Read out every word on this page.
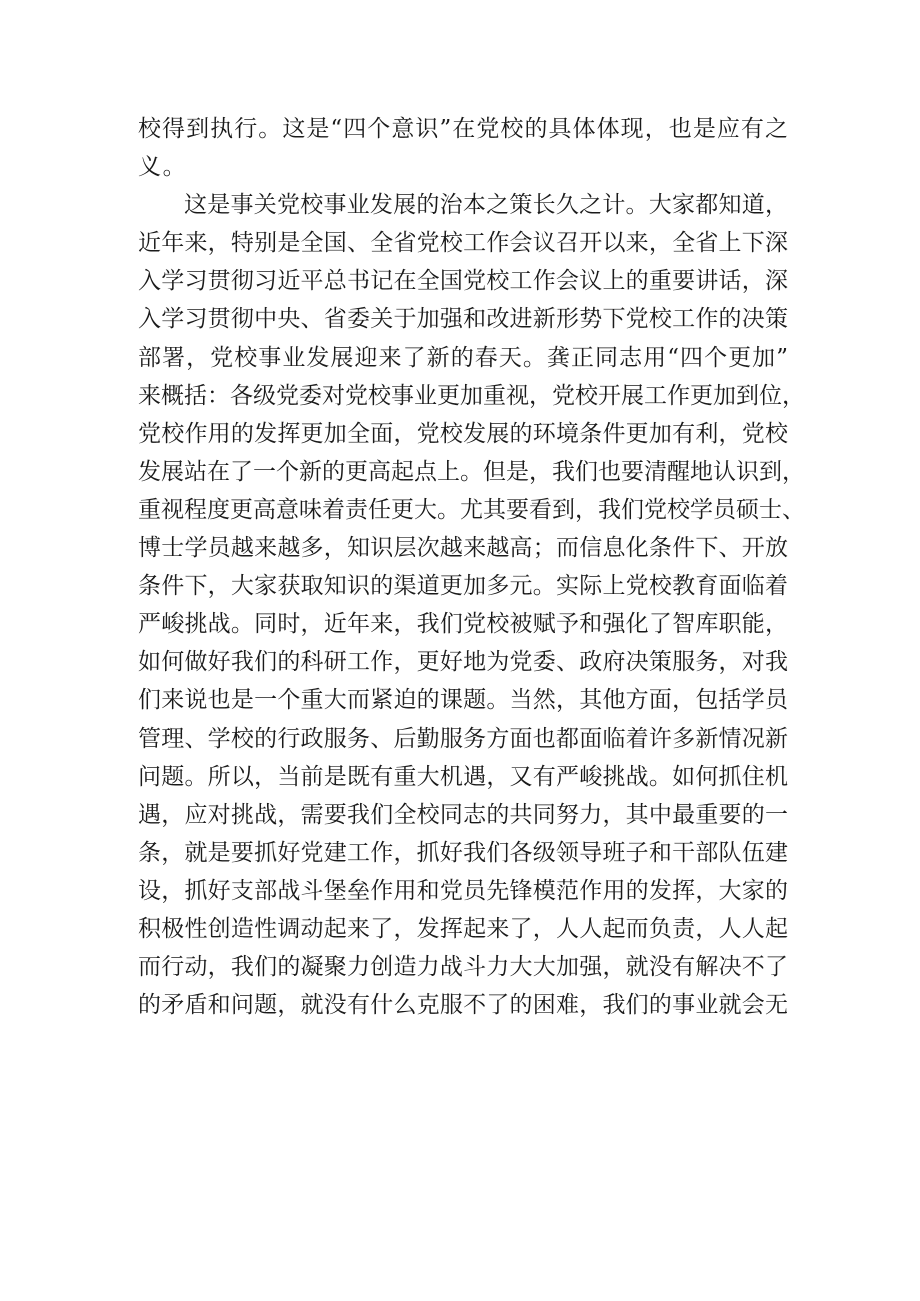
校得到执行。这是“四个意识”在党校的具体体现，也是应有之
义。
这是事关党校事业发展的治本之策长久之计。大家都知道，
近年来，特别是全国、全省党校工作会议召开以来，全省上下深
入学习贯彻习近平总书记在全国党校工作会议上的重要讲话，深
入学习贯彻中央、省委关于加强和改进新形势下党校工作的决策
部署，党校事业发展迎来了新的春天。龚正同志用“四个更加”
来概括：各级党委对党校事业更加重视，党校开展工作更加到位，
党校作用的发挥更加全面，党校发展的环境条件更加有利，党校
发展站在了一个新的更高起点上。但是，我们也要清醒地认识到，
重视程度更高意味着责任更大。尤其要看到，我们党校学员硕士、
博士学员越来越多，知识层次越来越高；而信息化条件下、开放
条件下，大家获取知识的渠道更加多元。实际上党校教育面临着
严峻挑战。同时，近年来，我们党校被赋予和强化了智库职能，
如何做好我们的科研工作，更好地为党委、政府决策服务，对我
们来说也是一个重大而紧迫的课题。当然，其他方面，包括学员
管理、学校的行政服务、后勤服务方面也都面临着许多新情况新
问题。所以，当前是既有重大机遇，又有严峻挑战。如何抓住机
遇，应对挑战，需要我们全校同志的共同努力，其中最重要的一
条，就是要抓好党建工作，抓好我们各级领导班子和干部队伍建
设，抓好支部战斗堡垒作用和党员先锋模范作用的发挥，大家的
积极性创造性调动起来了，发挥起来了，人人起而负责，人人起
而行动，我们的凝聚力创造力战斗力大大加强，就没有解决不了
的矛盾和问题，就没有什么克服不了的困难，我们的事业就会无
